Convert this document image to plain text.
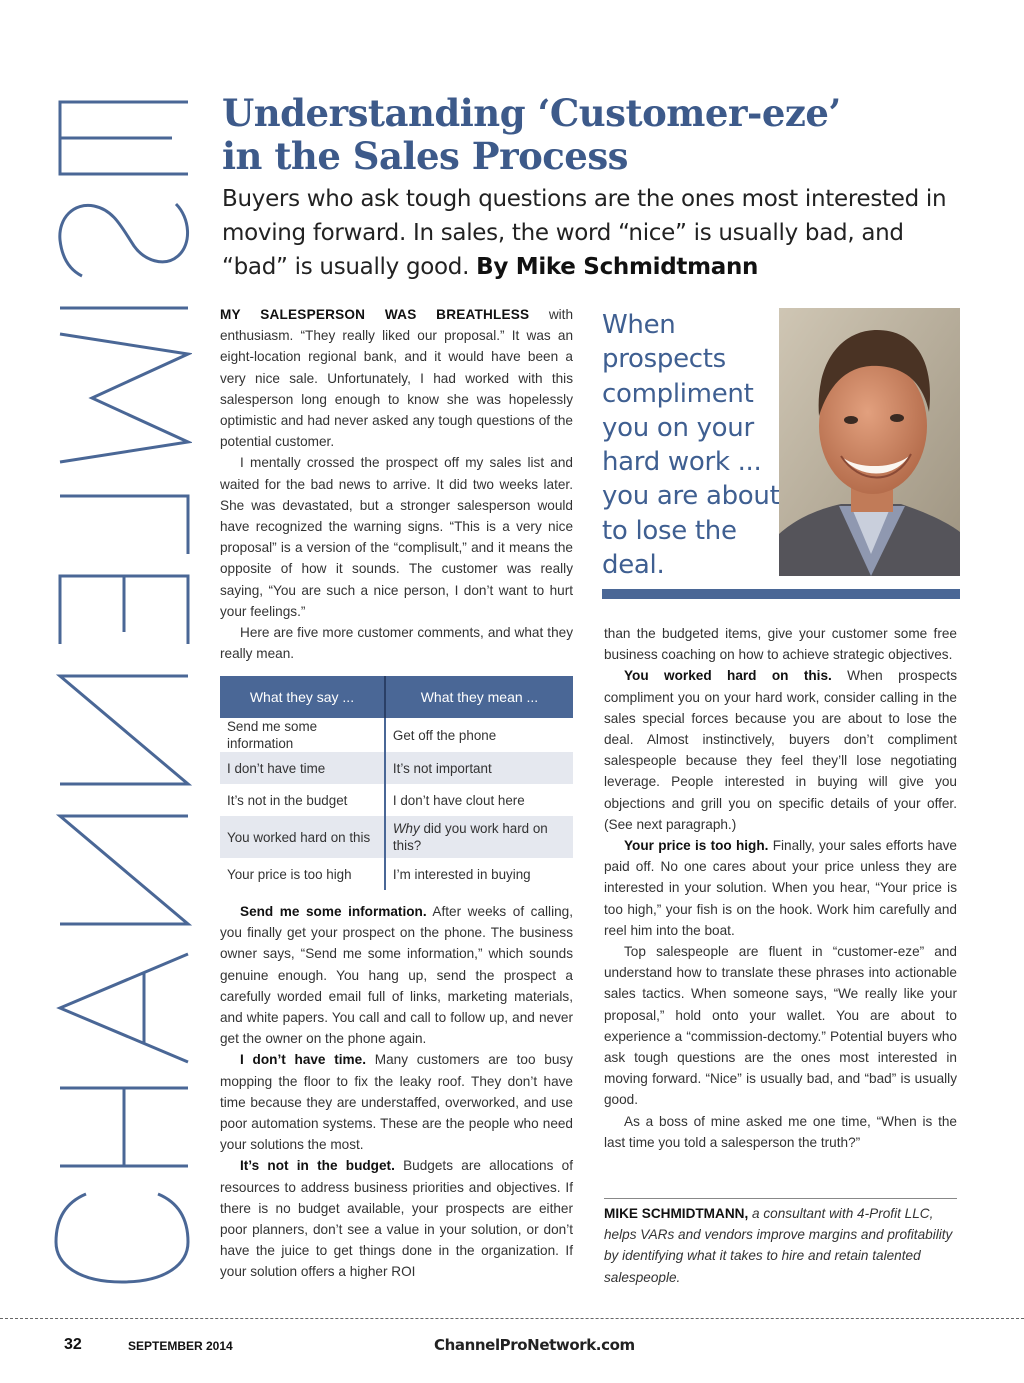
Understanding ‘Customer-eze’
in the Sales Process

Buyers who ask tough questions are the ones most interested in moving forward. In sales, the word “nice” is usually bad, and “bad” is usually good. By Mike Schmidtmann

MY SALESPERSON WAS BREATHLESS with enthusiasm. “They really liked our proposal.” It was an eight-location regional bank, and it would have been a very nice sale. Unfortunately, I had worked with this salesperson long enough to know she was hopelessly optimistic and had never asked any tough questions of the potential customer.

I mentally crossed the prospect off my sales list and waited for the bad news to arrive. It did two weeks later. She was devastated, but a stronger salesperson would have recognized the warning signs. “This is a very nice proposal” is a version of the “complisult,” and it means the opposite of how it sounds. The customer was really saying, “You are such a nice person, I don’t want to hurt your feelings.”

Here are five more customer comments, and what they really mean.

What they say ...	What they mean ...
Send me some information	Get off the phone
I don’t have time	It’s not important
It’s not in the budget	I don’t have clout here
You worked hard on this	Why did you work hard on this?
Your price is too high	I’m interested in buying

Send me some information. After weeks of calling, you finally get your prospect on the phone. The business owner says, “Send me some information,” which sounds genuine enough. You hang up, send the prospect a carefully worded email full of links, marketing materials, and white papers. You call and call to follow up, and never get the owner on the phone again.

I don’t have time. Many customers are too busy mopping the floor to fix the leaky roof. They don’t have time because they are understaffed, overworked, and use poor automation systems. These are the people who need your solutions the most.

It’s not in the budget. Budgets are allocations of resources to address business priorities and objectives. If there is no budget available, your prospects are either poor planners, don’t see a value in your solution, or don’t have the juice to get things done in the organization. If your solution offers a higher ROI

When prospects compliment you on your hard work ... you are about to lose the deal.

than the budgeted items, give your customer some free business coaching on how to achieve strategic objectives.

You worked hard on this. When prospects compliment you on your hard work, consider calling in the sales special forces because you are about to lose the deal. Almost instinctively, buyers don’t compliment salespeople because they feel they’ll lose negotiating leverage. People interested in buying will give you objections and grill you on specific details of your offer. (See next paragraph.)

Your price is too high. Finally, your sales efforts have paid off. No one cares about your price unless they are interested in your solution. When you hear, “Your price is too high,” your fish is on the hook. Work him carefully and reel him into the boat.

Top salespeople are fluent in “customer-eze” and understand how to translate these phrases into actionable sales tactics. When someone says, “We really like your proposal,” hold onto your wallet. You are about to experience a “commission-dectomy.” Potential buyers who ask tough questions are the ones most interested in moving forward. “Nice” is usually bad, and “bad” is usually good.

As a boss of mine asked me one time, “When is the last time you told a salesperson the truth?”

MIKE SCHMIDTMANN, a consultant with 4-Profit LLC, helps VARs and vendors improve margins and profitability by identifying what it takes to hire and retain talented salespeople.
32	SEPTEMBER 2014	ChannelProNetwork.com
